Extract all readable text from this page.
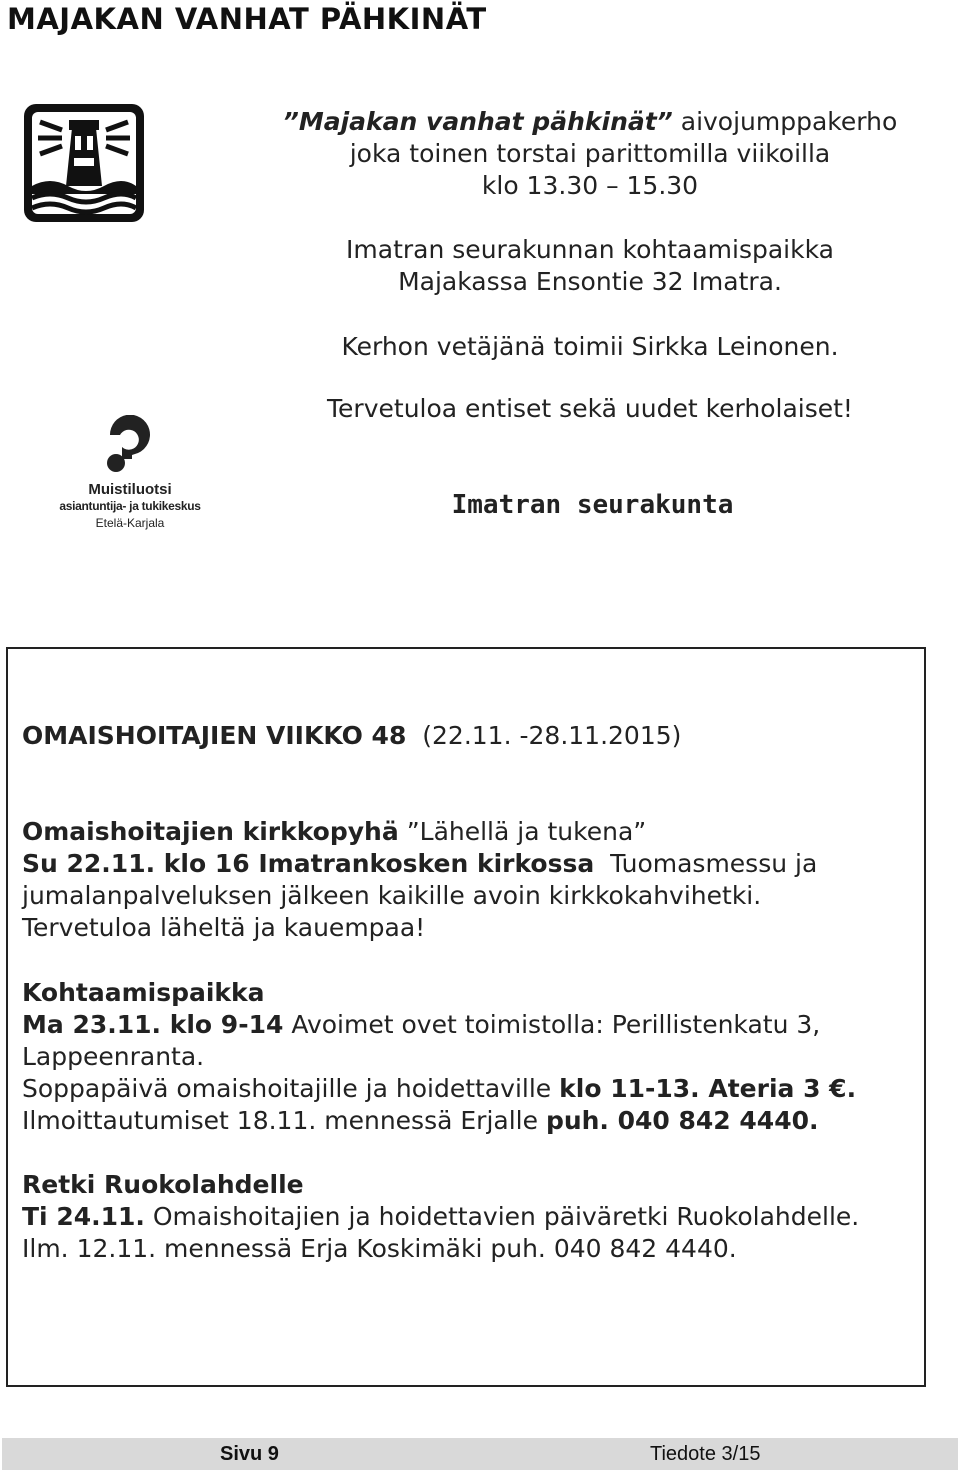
MAJAKAN VANHAT PÄHKINÄT
”Majakan vanhat pähkinät” aivojumppakerho
joka toinen torstai parittomilla viikoilla
klo 13.30 – 15.30
Imatran seurakunnan kohtaamispaikka
Majakassa Ensontie 32 Imatra.
Kerhon vetäjänä toimii Sirkka Leinonen.
Tervetuloa entiset sekä uudet kerholaiset!
Muistiluotsi
asiantuntija- ja tukikeskus
Etelä-Karjala
Imatran seurakunta

OMAISHOITAJIEN VIIKKO 48 (22.11. -28.11.2015)

Omaishoitajien kirkkopyhä ”Lähellä ja tukena”

Su 22.11. klo 16 Imatrankosken kirkossa Tuomasmessu ja

jumalanpalveluksen jälkeen kaikille avoin kirkkokahvihetki.

Tervetuloa läheltä ja kauempaa!

Kohtaamispaikka

Ma 23.11. klo 9-14 Avoimet ovet toimistolla: Perillistenkatu 3,

Lappeenranta.

Soppapäivä omaishoitajille ja hoidettaville klo 11-13. Ateria 3 €.

Ilmoittautumiset 18.11. mennessä Erjalle puh. 040 842 4440.

Retki Ruokolahdelle

Ti 24.11. Omaishoitajien ja hoidettavien päiväretki Ruokolahdelle.

Ilm. 12.11. mennessä Erja Koskimäki puh. 040 842 4440.

Sivu 9	Tiedote 3/15
